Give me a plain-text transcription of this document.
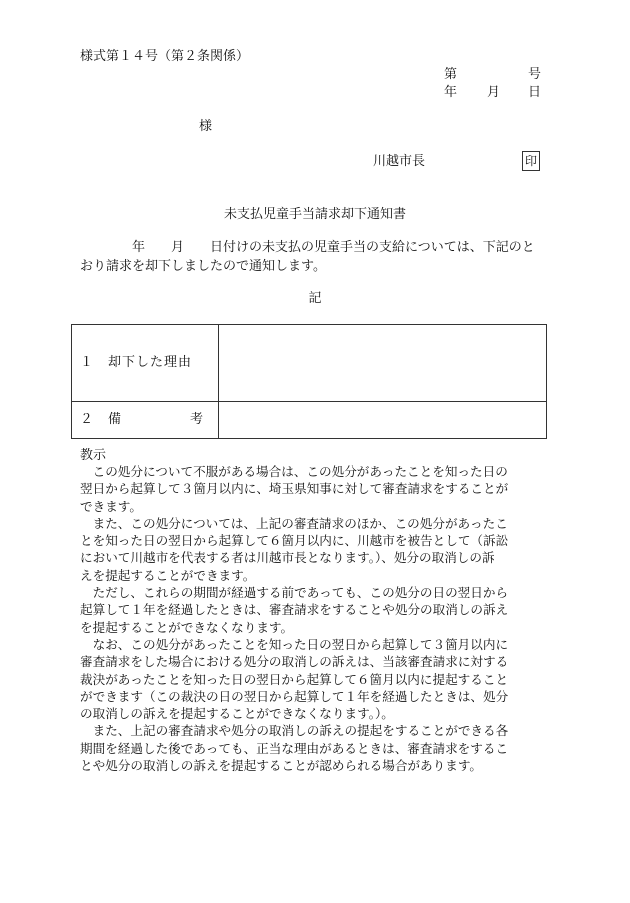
様式第１４号（第２条関係）
第	号
年 月 日
様
川越市長	印
未支払児童手当請求却下通知書
　　　　年　　月　　日付けの未支払の児童手当の支給については、下記のと
おり請求を却下しましたので通知します。
記
１　却下した理由	

２　備 考	

教示

この処分について不服がある場合は、この処分があったことを知った日の
翌日から起算して３箇月以内に、埼玉県知事に対して審査請求をすることが
できます。

また、この処分については、上記の審査請求のほか、この処分があったこ
とを知った日の翌日から起算して６箇月以内に、川越市を被告として（訴訟
において川越市を代表する者は川越市長となります。）、処分の取消しの訴
えを提起することができます。

ただし、これらの期間が経過する前であっても、この処分の日の翌日から
起算して１年を経過したときは、審査請求をすることや処分の取消しの訴え
を提起することができなくなります。

なお、この処分があったことを知った日の翌日から起算して３箇月以内に
審査請求をした場合における処分の取消しの訴えは、当該審査請求に対する
裁決があったことを知った日の翌日から起算して６箇月以内に提起すること
ができます（この裁決の日の翌日から起算して１年を経過したときは、処分
の取消しの訴えを提起することができなくなります。）。

また、上記の審査請求や処分の取消しの訴えの提起をすることができる各
期間を経過した後であっても、正当な理由があるときは、審査請求をするこ
とや処分の取消しの訴えを提起することが認められる場合があります。
